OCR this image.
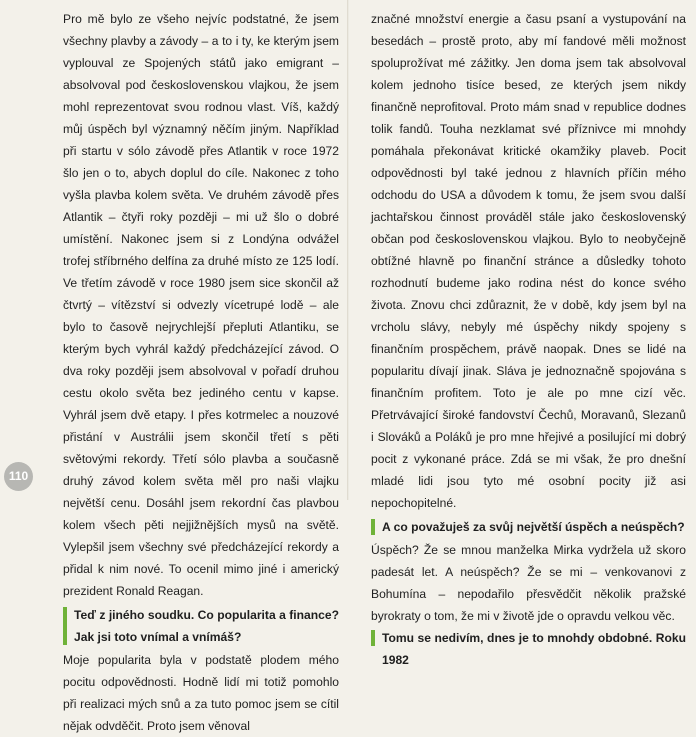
Pro mě bylo ze všeho nejvíc podstatné, že jsem všechny plavby a závody – a to i ty, ke kterým jsem vyplouval ze Spojených států jako emigrant – absolvoval pod československou vlajkou, že jsem mohl reprezentovat svou rodnou vlast. Víš, každý můj úspěch byl významný něčím jiným. Například při startu v sólo závodě přes Atlantik v roce 1972 šlo jen o to, abych doplul do cíle. Nakonec z toho vyšla plavba kolem světa. Ve druhém závodě přes Atlantik – čtyři roky později – mi už šlo o dobré umístění. Nakonec jsem si z Londýna odvážel trofej stříbrného delfína za druhé místo ze 125 lodí. Ve třetím závodě v roce 1980 jsem sice skončil až čtvrtý – vítězství si odvezly vícetrupé lodě – ale bylo to časově nejrychlejší přepluti Atlantiku, se kterým bych vyhrál každý předcházející závod. O dva roky později jsem absolvoval v pořadí druhou cestu okolo světa bez jediného centu v kapse. Vyhrál jsem dvě etapy. I přes kotrmelec a nouzové přistání v Austrálii jsem skončil třetí s pěti světovými rekordy. Třetí sólo plavba a současně druhý závod kolem světa měl pro naši vlajku největší cenu. Dosáhl jsem rekordní čas plavbou kolem všech pěti nejjižnějších mysů na světě. Vylepšil jsem všechny své předcházející rekordy a přidal k nim nové. To ocenil mimo jiné i americký prezident Ronald Reagan.

Teď z jiného soudku. Co popularita a finance? Jak jsi toto vnímal a vnímáš?

Moje popularita byla v podstatě plodem mého pocitu odpovědnosti. Hodně lidí mi totiž pomohlo při realizaci mých snů a za tuto pomoc jsem se cítil nějak odvděčit. Proto jsem věnoval

značné množství energie a času psaní a vystupování na besedách – prostě proto, aby mí fandové měli možnost spoluprožívat mé zážitky. Jen doma jsem tak absolvoval kolem jednoho tisíce besed, ze kterých jsem nikdy finančně neprofitoval. Proto mám snad v republice dodnes tolik fandů. Touha nezklamat své příznivce mi mnohdy pomáhala překonávat kritické okamžiky plaveb. Pocit odpovědnosti byl také jednou z hlavních příčin mého odchodu do USA a důvodem k tomu, že jsem svou další jachtařskou činnost prováděl stále jako československý občan pod československou vlajkou. Bylo to neobyčejně obtížné hlavně po finanční stránce a důsledky tohoto rozhodnutí budeme jako rodina nést do konce svého života. Znovu chci zdůraznit, že v době, kdy jsem byl na vrcholu slávy, nebyly mé úspěchy nikdy spojeny s finančním prospěchem, právě naopak. Dnes se lidé na popularitu dívají jinak. Sláva je jednoznačně spojována s finančním profitem. Toto je ale po mne cizí věc. Přetrvávající široké fandovství Čechů, Moravanů, Slezanů i Slováků a Poláků je pro mne hřejivé a posilující mi dobrý pocit z vykonané práce. Zdá se mi však, že pro dnešní mladé lidi jsou tyto mé osobní pocity již asi nepochopitelné.

A co považuješ za svůj největší úspěch a neúspěch?

Úspěch? Že se mnou manželka Mirka vydržela už skoro padesát let. A neúspěch? Že se mi – venkovanovi z Bohumína – nepodařilo přesvědčit několik pražské byrokraty o tom, že mi v životě jde o opravdu velkou věc.

Tomu se nedivím, dnes je to mnohdy obdobné. Roku 1982
110
